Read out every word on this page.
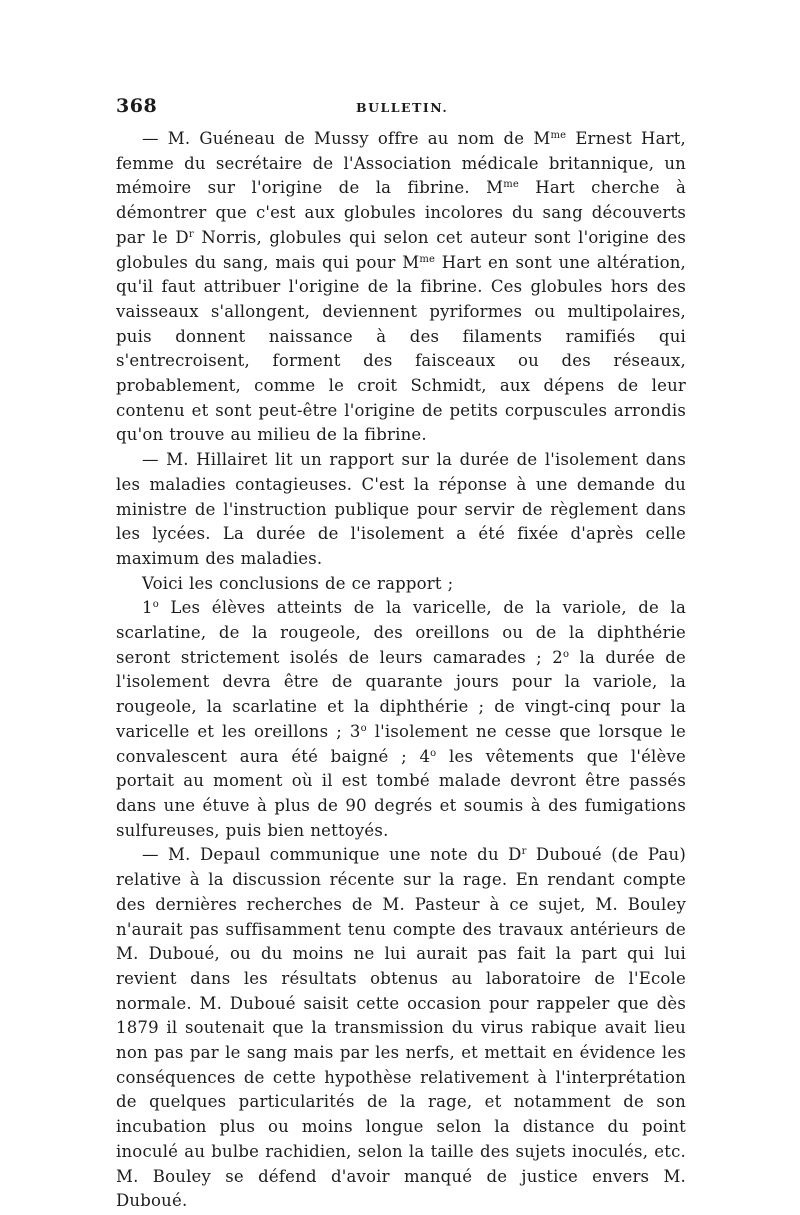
368	BULLETIN.

— M. Guéneau de Mussy offre au nom de $M^{me}$ Ernest Hart, femme du secrétaire de l'Association médicale britannique, un mémoire sur l'origine de la fibrine. $M^{me}$ Hart cherche à démontrer que c'est aux globules incolores du sang découverts par le $D^r$ Norris, globules qui selon cet auteur sont l'origine des globules du sang, mais qui pour $M^{me}$ Hart en sont une altération, qu'il faut attribuer l'origine de la fibrine. Ces globules hors des vaisseaux s'allongent, deviennent pyriformes ou multipolaires, puis donnent naissance à des filaments ramifiés qui s'entrecroisent, forment des faisceaux ou des réseaux, probablement, comme le croit Schmidt, aux dépens de leur contenu et sont peut-être l'origine de petits corpuscules arrondis qu'on trouve au milieu de la fibrine.

— M. Hillairet lit un rapport sur la durée de l'isolement dans les maladies contagieuses. C'est la réponse à une demande du ministre de l'instruction publique pour servir de règlement dans les lycées. La durée de l'isolement a été fixée d'après celle maximum des maladies.

Voici les conclusions de ce rapport ;

1$^o$ Les élèves atteints de la varicelle, de la variole, de la scarlatine, de la rougeole, des oreillons ou de la diphthérie seront strictement isolés de leurs camarades ; 2$^o$ la durée de l'isolement devra être de quarante jours pour la variole, la rougeole, la scarlatine et la diphthérie ; de vingt-cinq pour la varicelle et les oreillons ; 3$^o$ l'isolement ne cesse que lorsque le convalescent aura été baigné ; 4$^o$ les vêtements que l'élève portait au moment où il est tombé malade devront être passés dans une étuve à plus de 90 degrés et soumis à des fumigations sulfureuses, puis bien nettoyés.

— M. Depaul communique une note du $D^r$ Duboué (de Pau) relative à la discussion récente sur la rage. En rendant compte des dernières recherches de M. Pasteur à ce sujet, M. Bouley n'aurait pas suffisamment tenu compte des travaux antérieurs de M. Duboué, ou du moins ne lui aurait pas fait la part qui lui revient dans les résultats obtenus au laboratoire de l'Ecole normale. M. Duboué saisit cette occasion pour rappeler que dès 1879 il soutenait que la transmission du virus rabique avait lieu non pas par le sang mais par les nerfs, et mettait en évidence les conséquences de cette hypothèse relativement à l'interprétation de quelques particularités de la rage, et notamment de son incubation plus ou moins longue selon la distance du point inoculé au bulbe rachidien, selon la taille des sujets inoculés, etc. M. Bouley se défend d'avoir manqué de justice envers M. Duboué.
